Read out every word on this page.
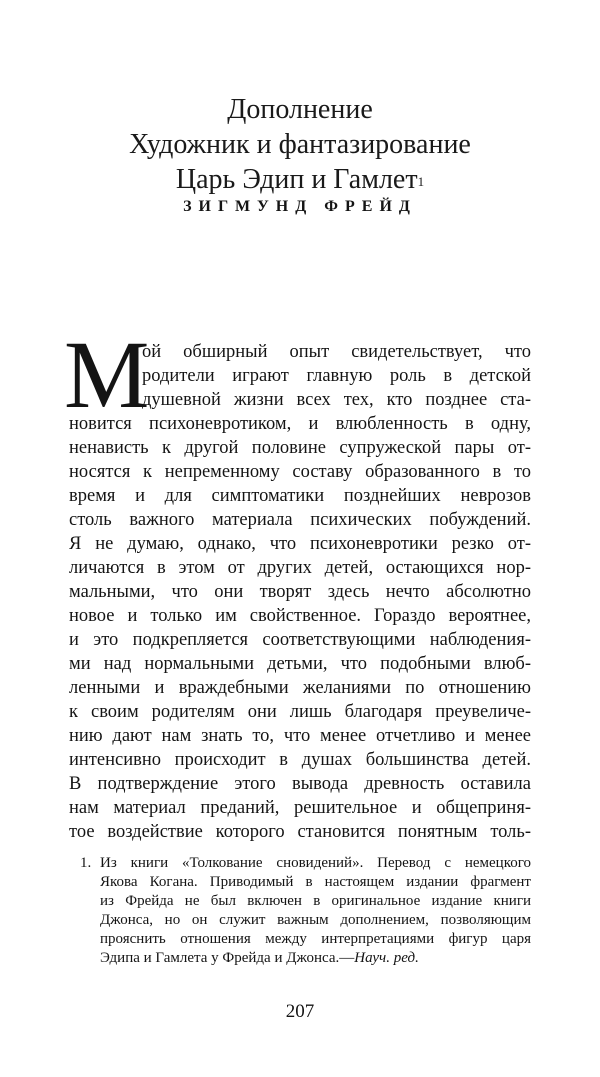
Дополнение
Художник и фантазирование
Царь Эдип и Гамлет$^1$
ЗИГМУНД ФРЕЙД
М
ой обширный опыт свидетельствует, что
родители играют главную роль в детской
душевной жизни всех тех, кто позднее ста-
новится психоневротиком, и влюбленность в одну,
ненависть к другой половине супружеской пары от-
носятся к непременному составу образованного в то
время и для симптоматики позднейших неврозов
столь важного материала психических побуждений.
Я не думаю, однако, что психоневротики резко от-
личаются в этом от других детей, остающихся нор-
мальными, что они творят здесь нечто абсолютно
новое и только им свойственное. Гораздо вероятнее,
и это подкрепляется соответствующими наблюдения-
ми над нормальными детьми, что подобными влюб-
ленными и враждебными желаниями по отношению
к своим родителям они лишь благодаря преувеличе-
нию дают нам знать то, что менее отчетливо и менее
интенсивно происходит в душах большинства детей.
В подтверждение этого вывода древность оставила
нам материал преданий, решительное и общеприня-
тое воздействие которого становится понятным толь-
1. Из книги «Толкование сновидений». Перевод с немецкого
Якова Когана. Приводимый в настоящем издании фрагмент
из Фрейда не был включен в оригинальное издание книги
Джонса, но он служит важным дополнением, позволяющим
прояснить отношения между интерпретациями фигур царя
Эдипа и Гамлета у Фрейда и Джонса.—Науч. ред.
207
